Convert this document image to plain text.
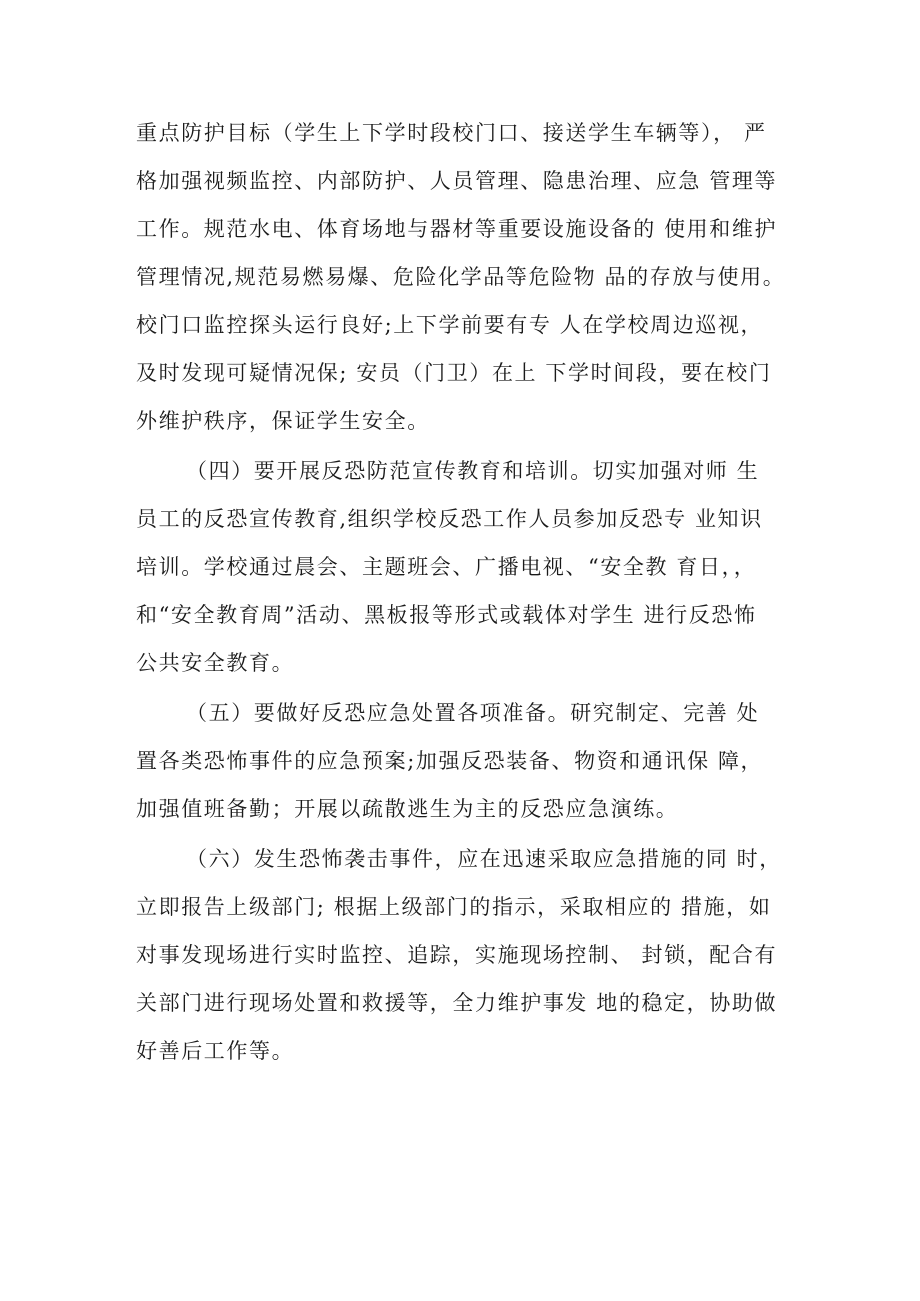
重点防护目标（学生上下学时段校门口、接送学生车辆等）， 严
格加强视频监控、内部防护、人员管理、隐患治理、应急 管理等
工作。规范水电、体育场地与器材等重要设施设备的 使用和维护
管理情况,规范易燃易爆、危险化学品等危险物 品的存放与使用。
校门口监控探头运行良好;上下学前要有专 人在学校周边巡视，
及时发现可疑情况保; 安员（门卫）在上 下学时间段，要在校门
外维护秩序，保证学生安全。
（四）要开展反恐防范宣传教育和培训。切实加强对师 生
员工的反恐宣传教育,组织学校反恐工作人员参加反恐专 业知识
培训。学校通过晨会、主题班会、广播电视、“安全教 育日，，
和“安全教育周”活动、黑板报等形式或载体对学生 进行反恐怖
公共安全教育。
（五）要做好反恐应急处置各项准备。研究制定、完善 处
置各类恐怖事件的应急预案;加强反恐装备、物资和通讯保 障，
加强值班备勤；开展以疏散逃生为主的反恐应急演练。
（六）发生恐怖袭击事件，应在迅速采取应急措施的同 时，
立即报告上级部门; 根据上级部门的指示，采取相应的 措施，如
对事发现场进行实时监控、追踪，实施现场控制、 封锁，配合有
关部门进行现场处置和救援等，全力维护事发 地的稳定，协助做
好善后工作等。
